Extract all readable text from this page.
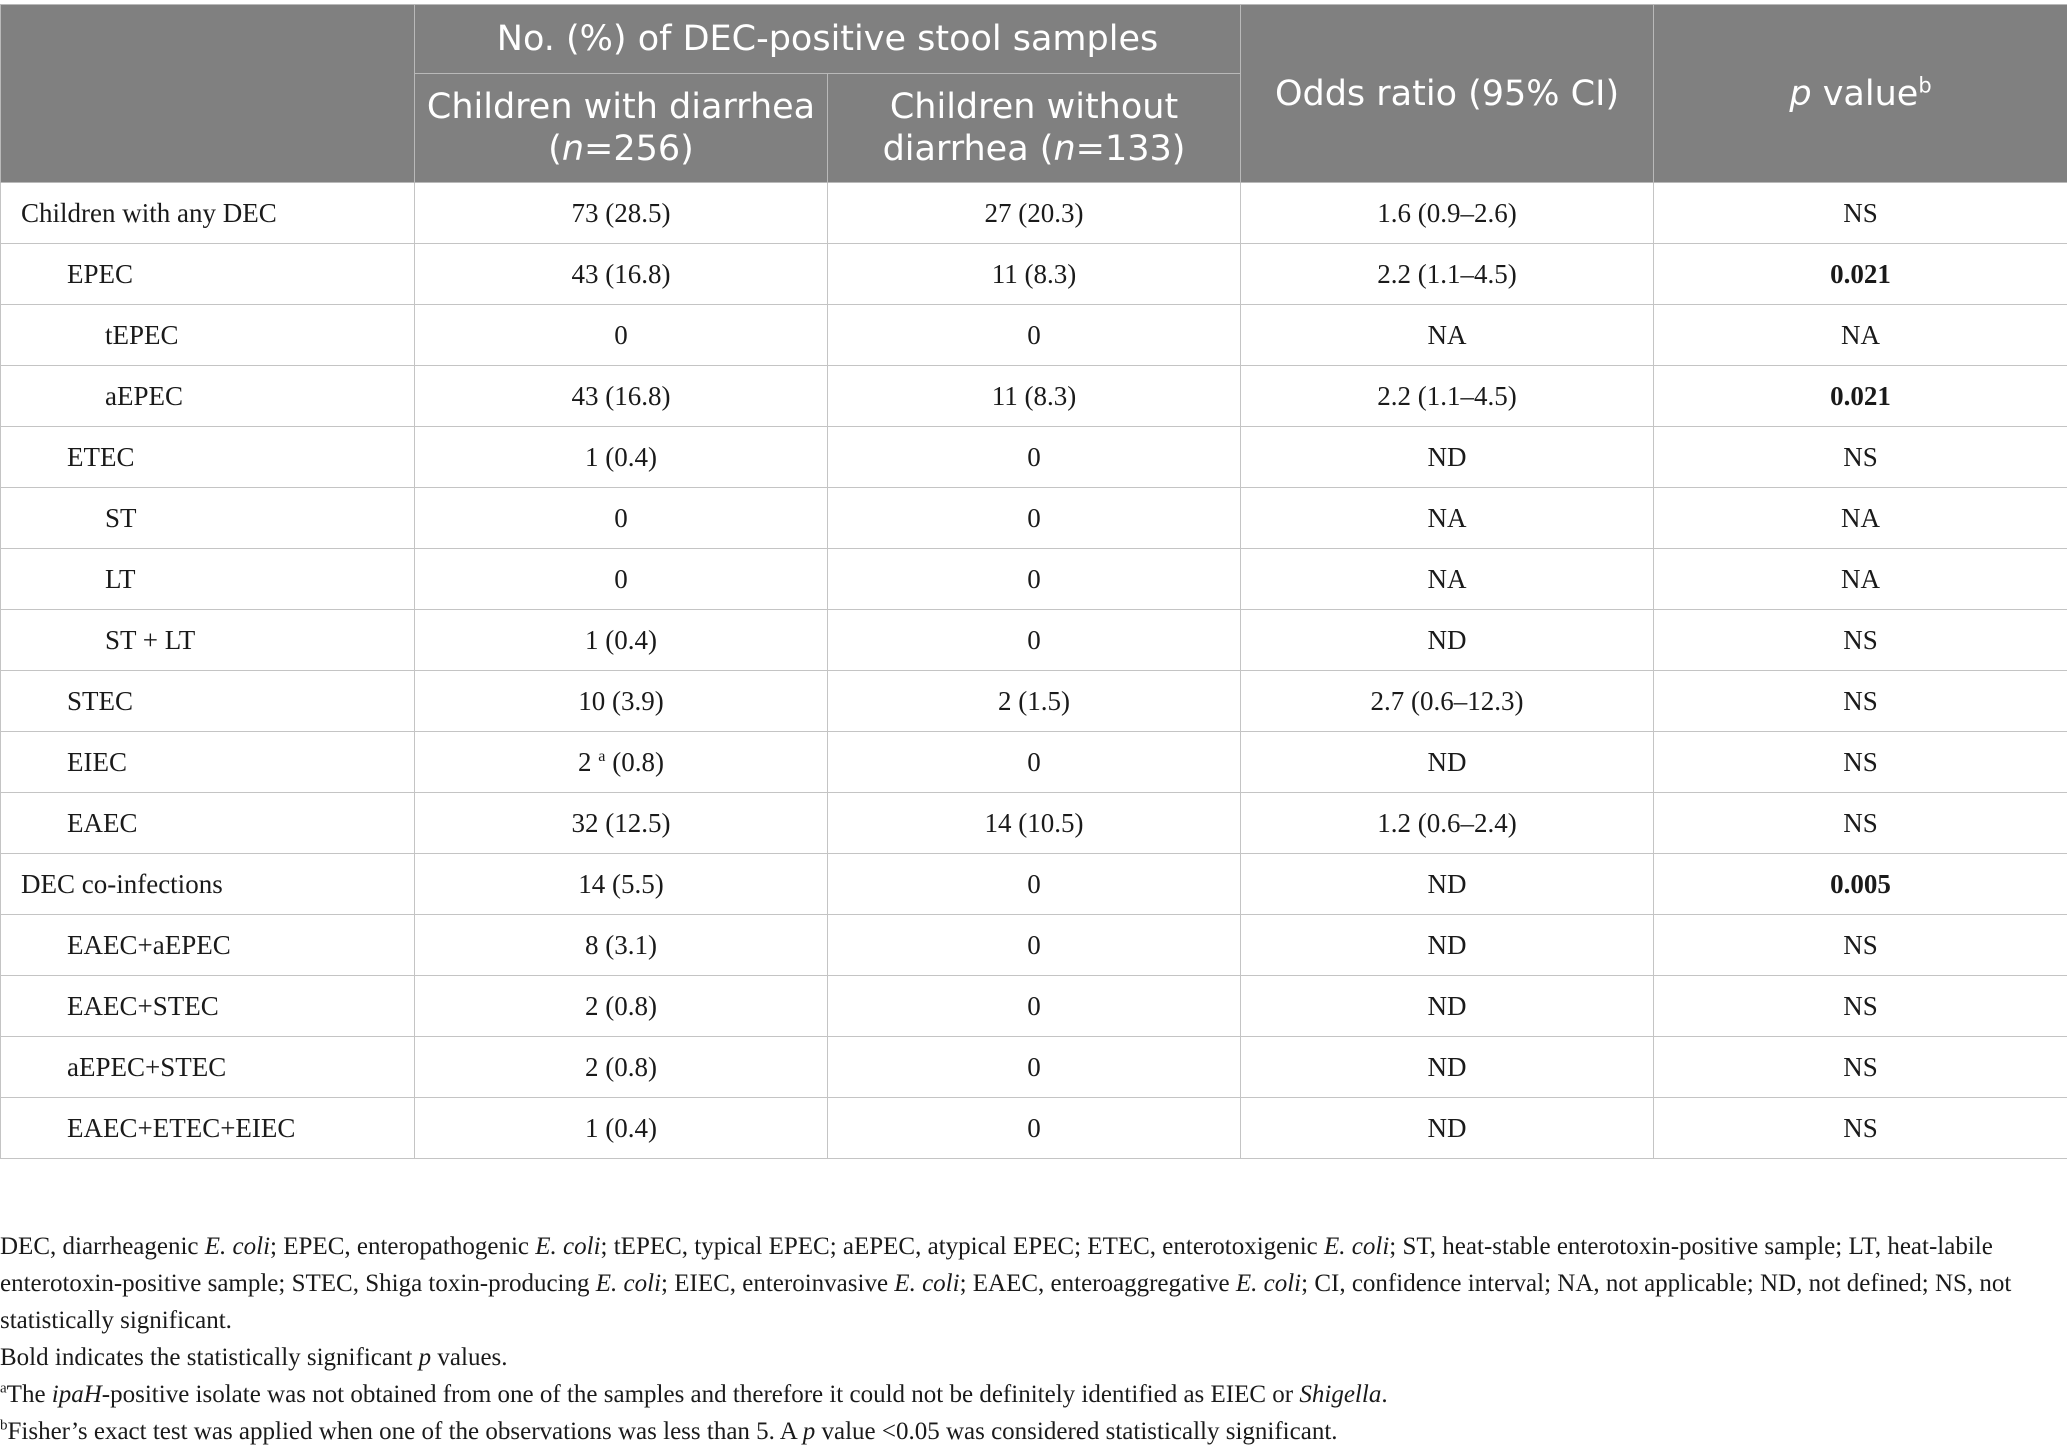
	No. (%) of DEC-positive stool samples		Odds ratio (95% CI)	p value$^b$
	Children with diarrhea (n=256)	Children without diarrhea (n=133)		
Children with any DEC	73 (28.5)	27 (20.3)	1.6 (0.9–2.6)	NS
EPEC	43 (16.8)	11 (8.3)	2.2 (1.1–4.5)	0.021
tEPEC	0	0	NA	NA
aEPEC	43 (16.8)	11 (8.3)	2.2 (1.1–4.5)	0.021
ETEC	1 (0.4)	0	ND	NS
ST	0	0	NA	NA
LT	0	0	NA	NA
ST + LT	1 (0.4)	0	ND	NS
STEC	10 (3.9)	2 (1.5)	2.7 (0.6–12.3)	NS
EIEC	2 $^a$ (0.8)	0	ND	NS
EAEC	32 (12.5)	14 (10.5)	1.2 (0.6–2.4)	NS
DEC co-infections	14 (5.5)	0	ND	0.005
EAEC+aEPEC	8 (3.1)	0	ND	NS
EAEC+STEC	2 (0.8)	0	ND	NS
aEPEC+STEC	2 (0.8)	0	ND	NS
EAEC+ETEC+EIEC	1 (0.4)	0	ND	NS

DEC, diarrheagenic E. coli; EPEC, enteropathogenic E. coli; tEPEC, typical EPEC; aEPEC, atypical EPEC; ETEC, enterotoxigenic E. coli; ST, heat-stable enterotoxin-positive sample; LT, heat-labile enterotoxin-positive sample; STEC, Shiga toxin-producing E. coli; EIEC, enteroinvasive E. coli; EAEC, enteroaggregative E. coli; CI, confidence interval; NA, not applicable; ND, not defined; NS, not statistically significant.

Bold indicates the statistically significant p values.

$^a$The ipaH-positive isolate was not obtained from one of the samples and therefore it could not be definitely identified as EIEC or Shigella.

$^b$Fisher’s exact test was applied when one of the observations was less than 5. A p value <0.05 was considered statistically significant.
